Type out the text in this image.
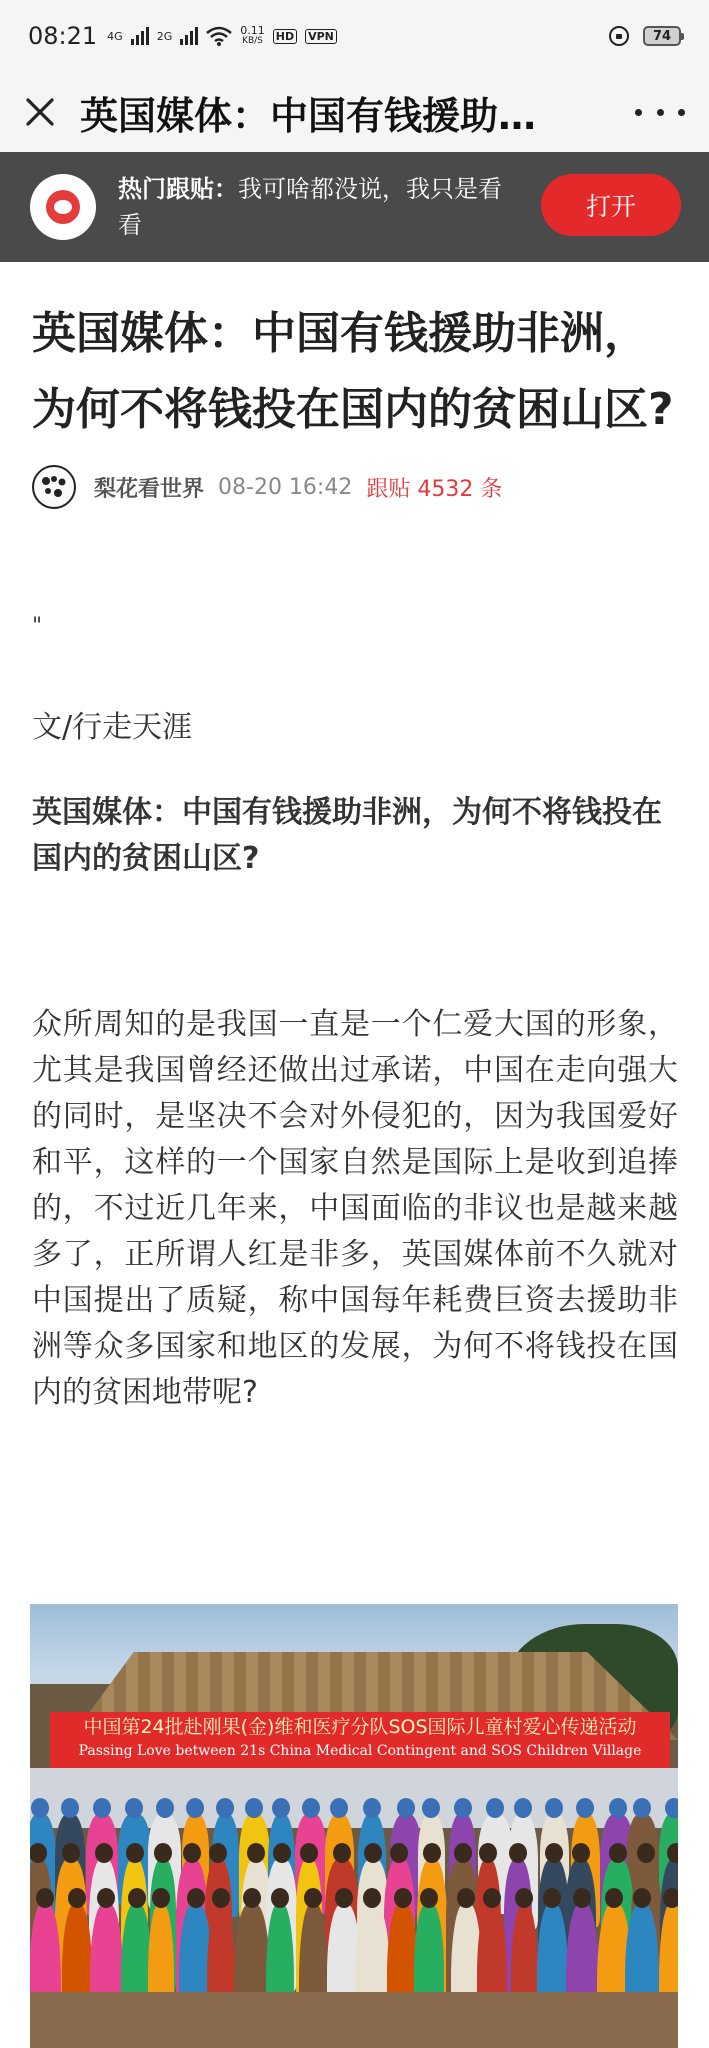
08:21 4G	2G	0.11
KB/S HD VPN	74
英国媒体：中国有钱援助…
热门跟贴：我可啥都没说，我只是看看
打开
英国媒体：中国有钱援助非洲，为何不将钱投在国内的贫困山区?
梨花看世界 08-20 16:42 跟贴 4532 条
"
文/行走天涯
英国媒体：中国有钱援助非洲，为何不将钱投在国内的贫困山区?
众所周知的是我国一直是一个仁爱大国的形象，尤其是我国曾经还做出过承诺，中国在走向强大的同时，是坚决不会对外侵犯的，因为我国爱好和平，这样的一个国家自然是国际上是收到追捧的，不过近几年来，中国面临的非议也是越来越多了，正所谓人红是非多，英国媒体前不久就对中国提出了质疑，称中国每年耗费巨资去援助非洲等众多国家和地区的发展，为何不将钱投在国内的贫困地带呢?
中国第24批赴刚果(金)维和医疗分队SOS国际儿童村爱心传递活动
Passing Love between 21s China Medical Contingent and SOS Children Village
